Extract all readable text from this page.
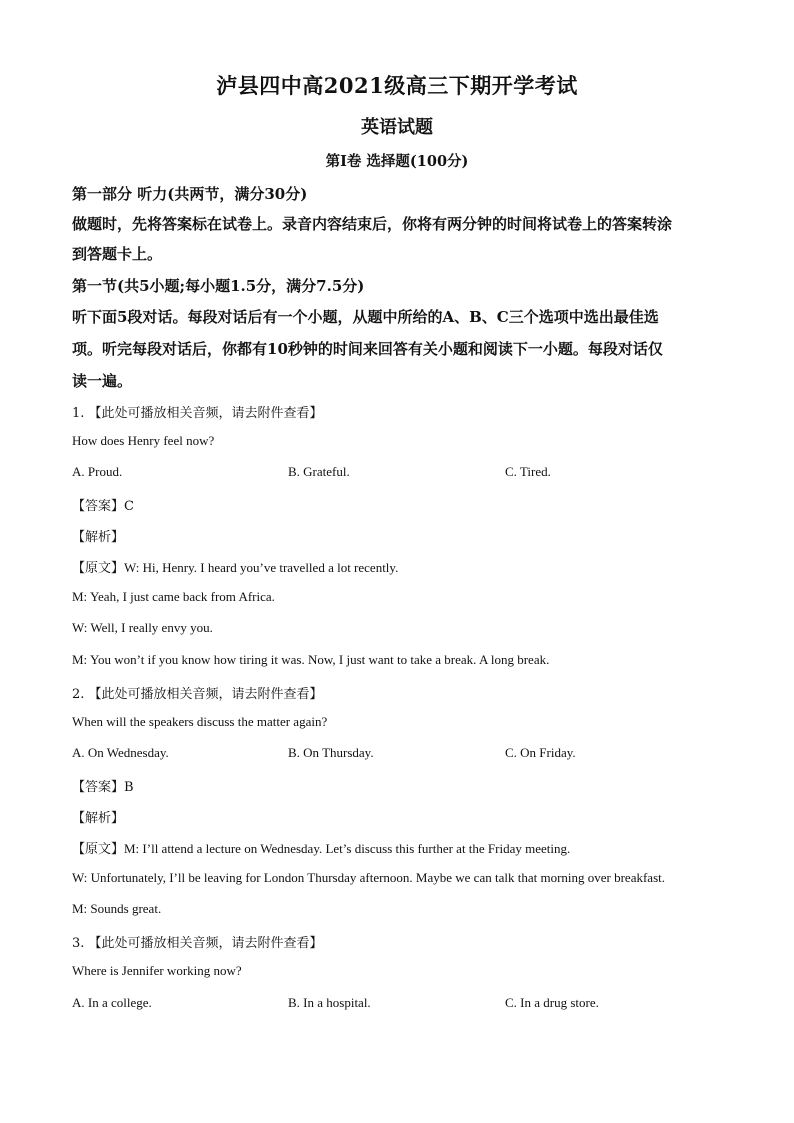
泸县四中高2021级高三下期开学考试
英语试题
第I卷 选择题(100分)
第一部分 听力(共两节，满分30分)
做题时，先将答案标在试卷上。录音内容结束后，你将有两分钟的时间将试卷上的答案转涂
到答题卡上。
第一节(共5小题;每小题1.5分，满分7.5分)
听下面5段对话。每段对话后有一个小题，从题中所给的A、B、C三个选项中选出最佳选
项。听完每段对话后，你都有10秒钟的时间来回答有关小题和阅读下一小题。每段对话仅
读一遍。
1. 【此处可播放相关音频，请去附件查看】
How does Henry feel now?
A. Proud.	B. Grateful.	C. Tired.
【答案】C
【解析】
【原文】W: Hi, Henry. I heard you’ve travelled a lot recently.
M: Yeah, I just came back from Africa.
W: Well, I really envy you.
M: You won’t if you know how tiring it was. Now, I just want to take a break. A long break.
2. 【此处可播放相关音频，请去附件查看】
When will the speakers discuss the matter again?
A. On Wednesday.	B. On Thursday.	C. On Friday.
【答案】B
【解析】
【原文】M: I’ll attend a lecture on Wednesday. Let’s discuss this further at the Friday meeting.
W: Unfortunately, I’ll be leaving for London Thursday afternoon. Maybe we can talk that morning over breakfast.
M: Sounds great.
3. 【此处可播放相关音频，请去附件查看】
Where is Jennifer working now?
A. In a college.	B. In a hospital.	C. In a drug store.
